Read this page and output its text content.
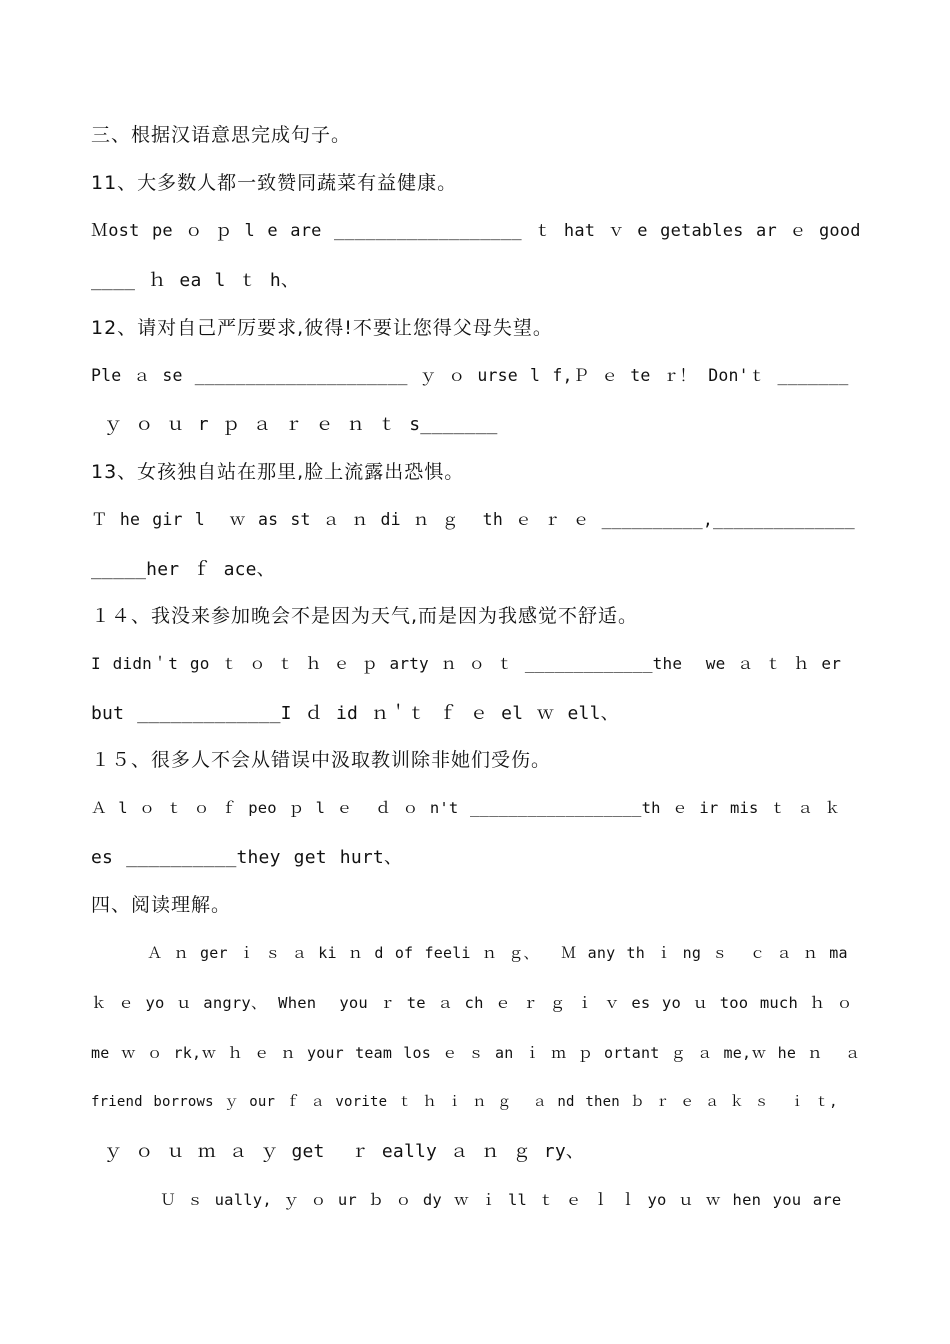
三、根据汉语意思完成句子。
11、大多数人都一致赞同蔬菜有益健康。
Ｍost pe ｏ ｐ l e are __________________ ｔ hat ｖ e getables ar ｅ good
____ ｈ ea l ｔ h、
12、请对自己严厉要求,彼得!不要让您得父母失望。
Ple ａ se _____________________ ｙ ｏ urse l f,Ｐ ｅ te ｒ！ Don'ｔ _______
ｙ ｏ ｕ r ｐ ａ ｒ ｅ ｎ ｔ s_______
13、女孩独自站在那里,脸上流露出恐惧。
Ｔ he gir l  ｗ as st ａ ｎ di ｎ ｇ  th ｅ ｒ ｅ __________,______________
_____her ｆ ace、
１４、我没来参加晚会不是因为天气,而是因为我感觉不舒适。
I didn＇t go ｔ ｏ ｔ ｈ ｅ ｐ arty ｎ ｏ ｔ _____________the  we ａ ｔ ｈ er
but _____________I ｄ id ｎ＇ｔ ｆ ｅ el ｗ ell、
１５、很多人不会从错误中汲取教训除非她们受伤。
Ａ l ｏ ｔ ｏ ｆ peo ｐ l ｅ  ｄ ｏ n't __________________th ｅ ir mis ｔ ａ ｋ
es __________they get hurt、
四、阅读理解。
Ａ ｎ ger ｉ ｓ ａ ki ｎ d of feeli ｎ ｇ、  Ｍ any th ｉ ng ｓ  ｃ ａ ｎ ma
ｋ ｅ yo ｕ angry、 When  you ｒ te ａ ch ｅ ｒ ｇ ｉ ｖ es yo ｕ too much ｈ ｏ
me ｗ ｏ rk,ｗ ｈ ｅ ｎ your team los ｅ ｓ an ｉ ｍ ｐ ortant ｇ ａ me,ｗ he ｎ  ａ
friend borrows ｙ our ｆ ａ vorite ｔ ｈ ｉ ｎ ｇ  ａ nd then ｂ ｒ ｅ ａ ｋ ｓ  ｉ ｔ,
ｙ ｏ ｕ ｍ ａ ｙ get  ｒ eally ａ ｎ ｇ ry、
Ｕ ｓ ually, ｙ ｏ ur ｂ ｏ dy ｗ ｉ ll ｔ ｅ ｌ ｌ yo ｕ ｗ hen you are
